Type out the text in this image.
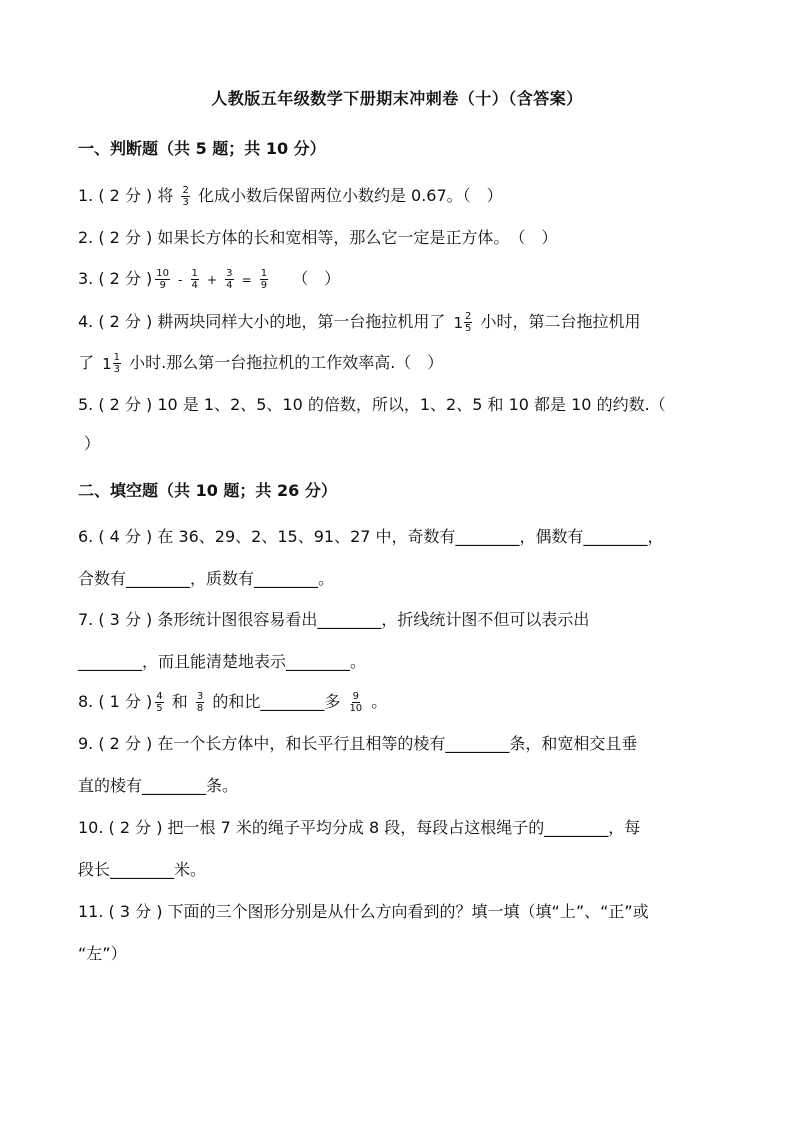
人教版五年级数学下册期末冲刺卷（十）（含答案）
一、判断题（共 5 题；共 10 分）
1. ( 2 分 ) 将 $\frac{2}{3}$ 化成小数后保留两位小数约是 0.67。（　）
2. ( 2 分 ) 如果长方体的长和宽相等，那么它一定是正方体。　（　）
3. ( 2 分 ) $\frac{10}{9} - \frac{1}{4} + \frac{3}{4} = \frac{1}{9}$ （　）
4. ( 2 分 ) 耕两块同样大小的地，第一台拖拉机用了 $1 \frac{2}{5}$ 小时，第二台拖拉机用
了 $1 \frac{1}{3}$ 小时.那么第一台拖拉机的工作效率高.（　）
5. ( 2 分 ) 10 是 1、2、5、10 的倍数，所以，1、2、5 和 10 都是 10 的约数.（
）
二、填空题（共 10 题；共 26 分）
6. ( 4 分 ) 在 36、29、2、15、91、27 中，奇数有________，偶数有________，
合数有________，质数有________。
7. ( 3 分 ) 条形统计图很容易看出________，折线统计图不但可以表示出
________，而且能清楚地表示________。
8. ( 1 分 ) $\frac{4}{5}$ 和 $\frac{3}{8}$ 的和比________多 $\frac{9}{10}$ 。
9. ( 2 分 ) 在一个长方体中，和长平行且相等的棱有________条，和宽相交且垂
直的棱有________条。
10. ( 2 分 ) 把一根 7 米的绳子平均分成 8 段，每段占这根绳子的________，每
段长________米。
11. ( 3 分 ) 下面的三个图形分别是从什么方向看到的？填一填（填“上”、“正”或
“左”）
